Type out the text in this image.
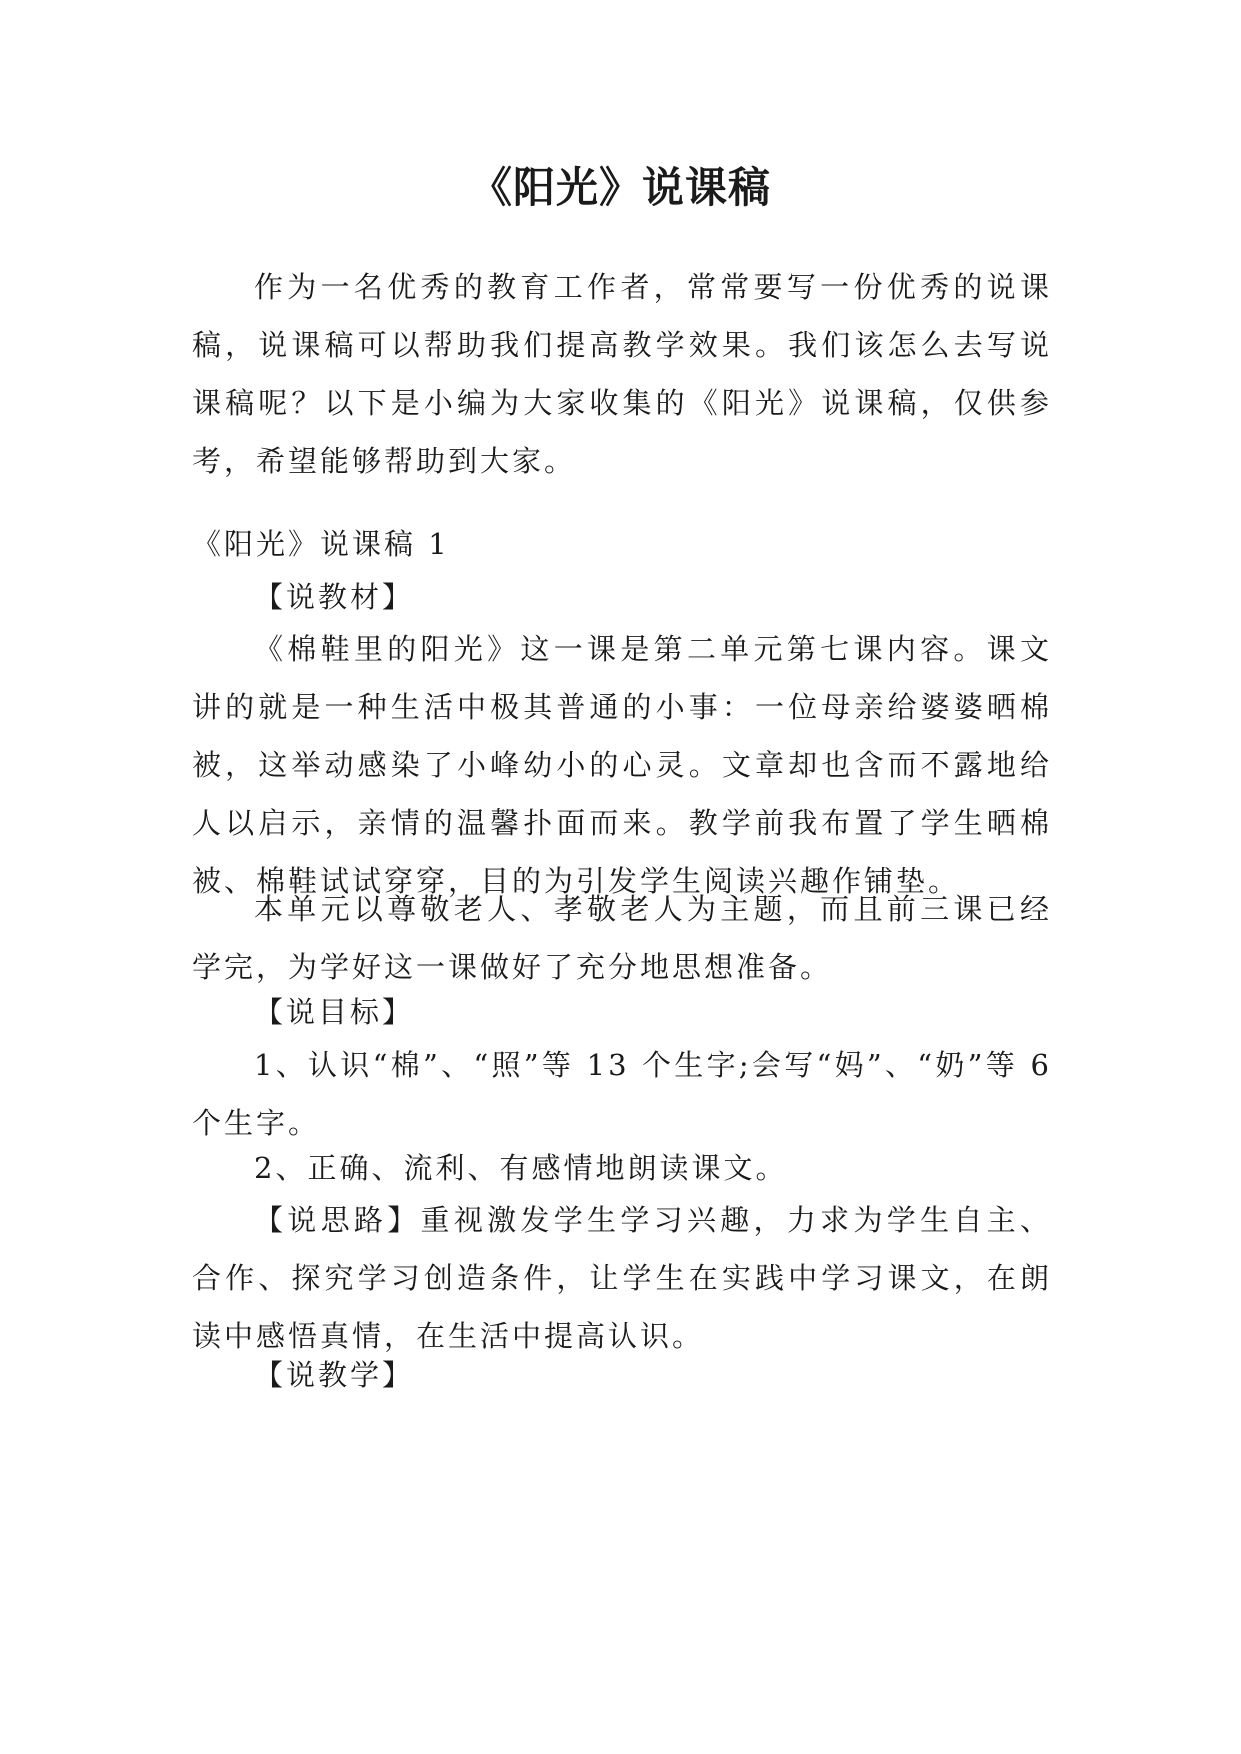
《阳光》说课稿

作为一名优秀的教育工作者，常常要写一份优秀的说课稿，说课稿可以帮助我们提高教学效果。我们该怎么去写说课稿呢？以下是小编为大家收集的《阳光》说课稿，仅供参考，希望能够帮助到大家。

《阳光》说课稿 1

【说教材】

《棉鞋里的阳光》这一课是第二单元第七课内容。课文讲的就是一种生活中极其普通的小事：一位母亲给婆婆晒棉被，这举动感染了小峰幼小的心灵。文章却也含而不露地给人以启示，亲情的温馨扑面而来。教学前我布置了学生晒棉被、棉鞋试试穿穿，目的为引发学生阅读兴趣作铺垫。

本单元以尊敬老人、孝敬老人为主题，而且前三课已经学完，为学好这一课做好了充分地思想准备。

【说目标】

1、认识“棉”、“照”等 13 个生字;会写“妈”、“奶”等 6 个生字。

2、正确、流利、有感情地朗读课文。

【说思路】重视激发学生学习兴趣，力求为学生自主、合作、探究学习创造条件，让学生在实践中学习课文，在朗读中感悟真情，在生活中提高认识。

【说教学】
